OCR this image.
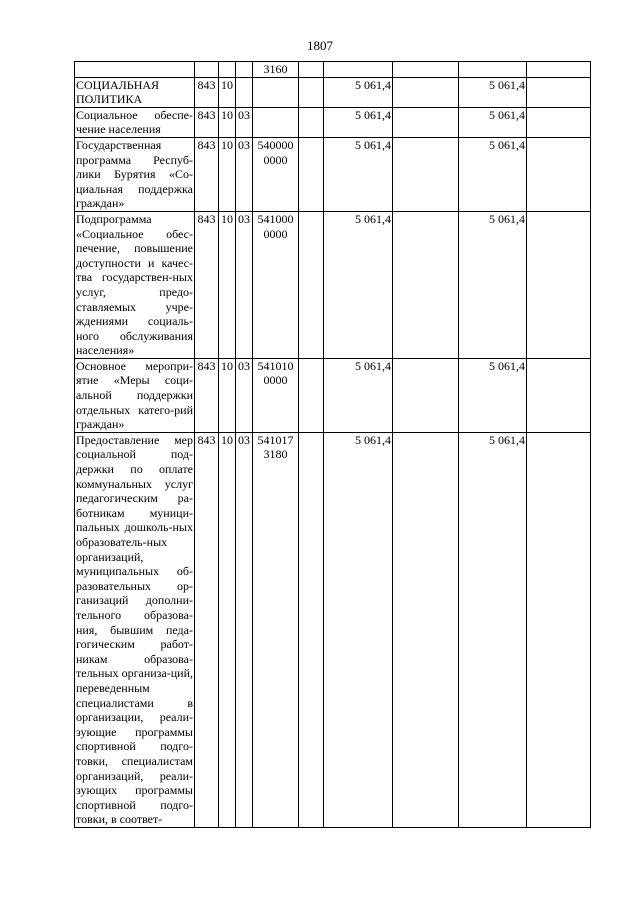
1807
				3160					
СОЦИАЛЬНАЯ ПОЛИТИКА	843	10				5 061,4		5 061,4	
Социальное обеспе-чение населения	843	10	03			5 061,4		5 061,4	
Государственная программа Респуб-лики Бурятия «Со-циальная поддержка граждан»	843	10	03	540000 0000		5 061,4		5 061,4	
Подпрограмма «Социальное обес-печение, повышение доступности и качес-тва государствен-ных услуг, предо-ставляемых учре-ждениями социаль-ного обслуживания населения»	843	10	03	541000 0000		5 061,4		5 061,4	
Основное меропри-ятие «Меры соци-альной поддержки отдельных катего-рий граждан»	843	10	03	541010 0000		5 061,4		5 061,4	
Предоставление мер социальной под-держки по оплате коммунальных услуг педагогическим ра-ботникам муници-пальных дошколь-ных образователь-ных организаций, муниципальных об-разовательных ор-ганизаций дополни-тельного образова-ния, бывшим педа-гогическим работ-никам образова-тельных организа-ций, переведенным специалистами в организации, реали-зующие программы спортивной подго-товки, специалистам организаций, реали-зующих программы спортивной подго-товки, в соответ-	843	10	03	541017 3180		5 061,4		5 061,4	
